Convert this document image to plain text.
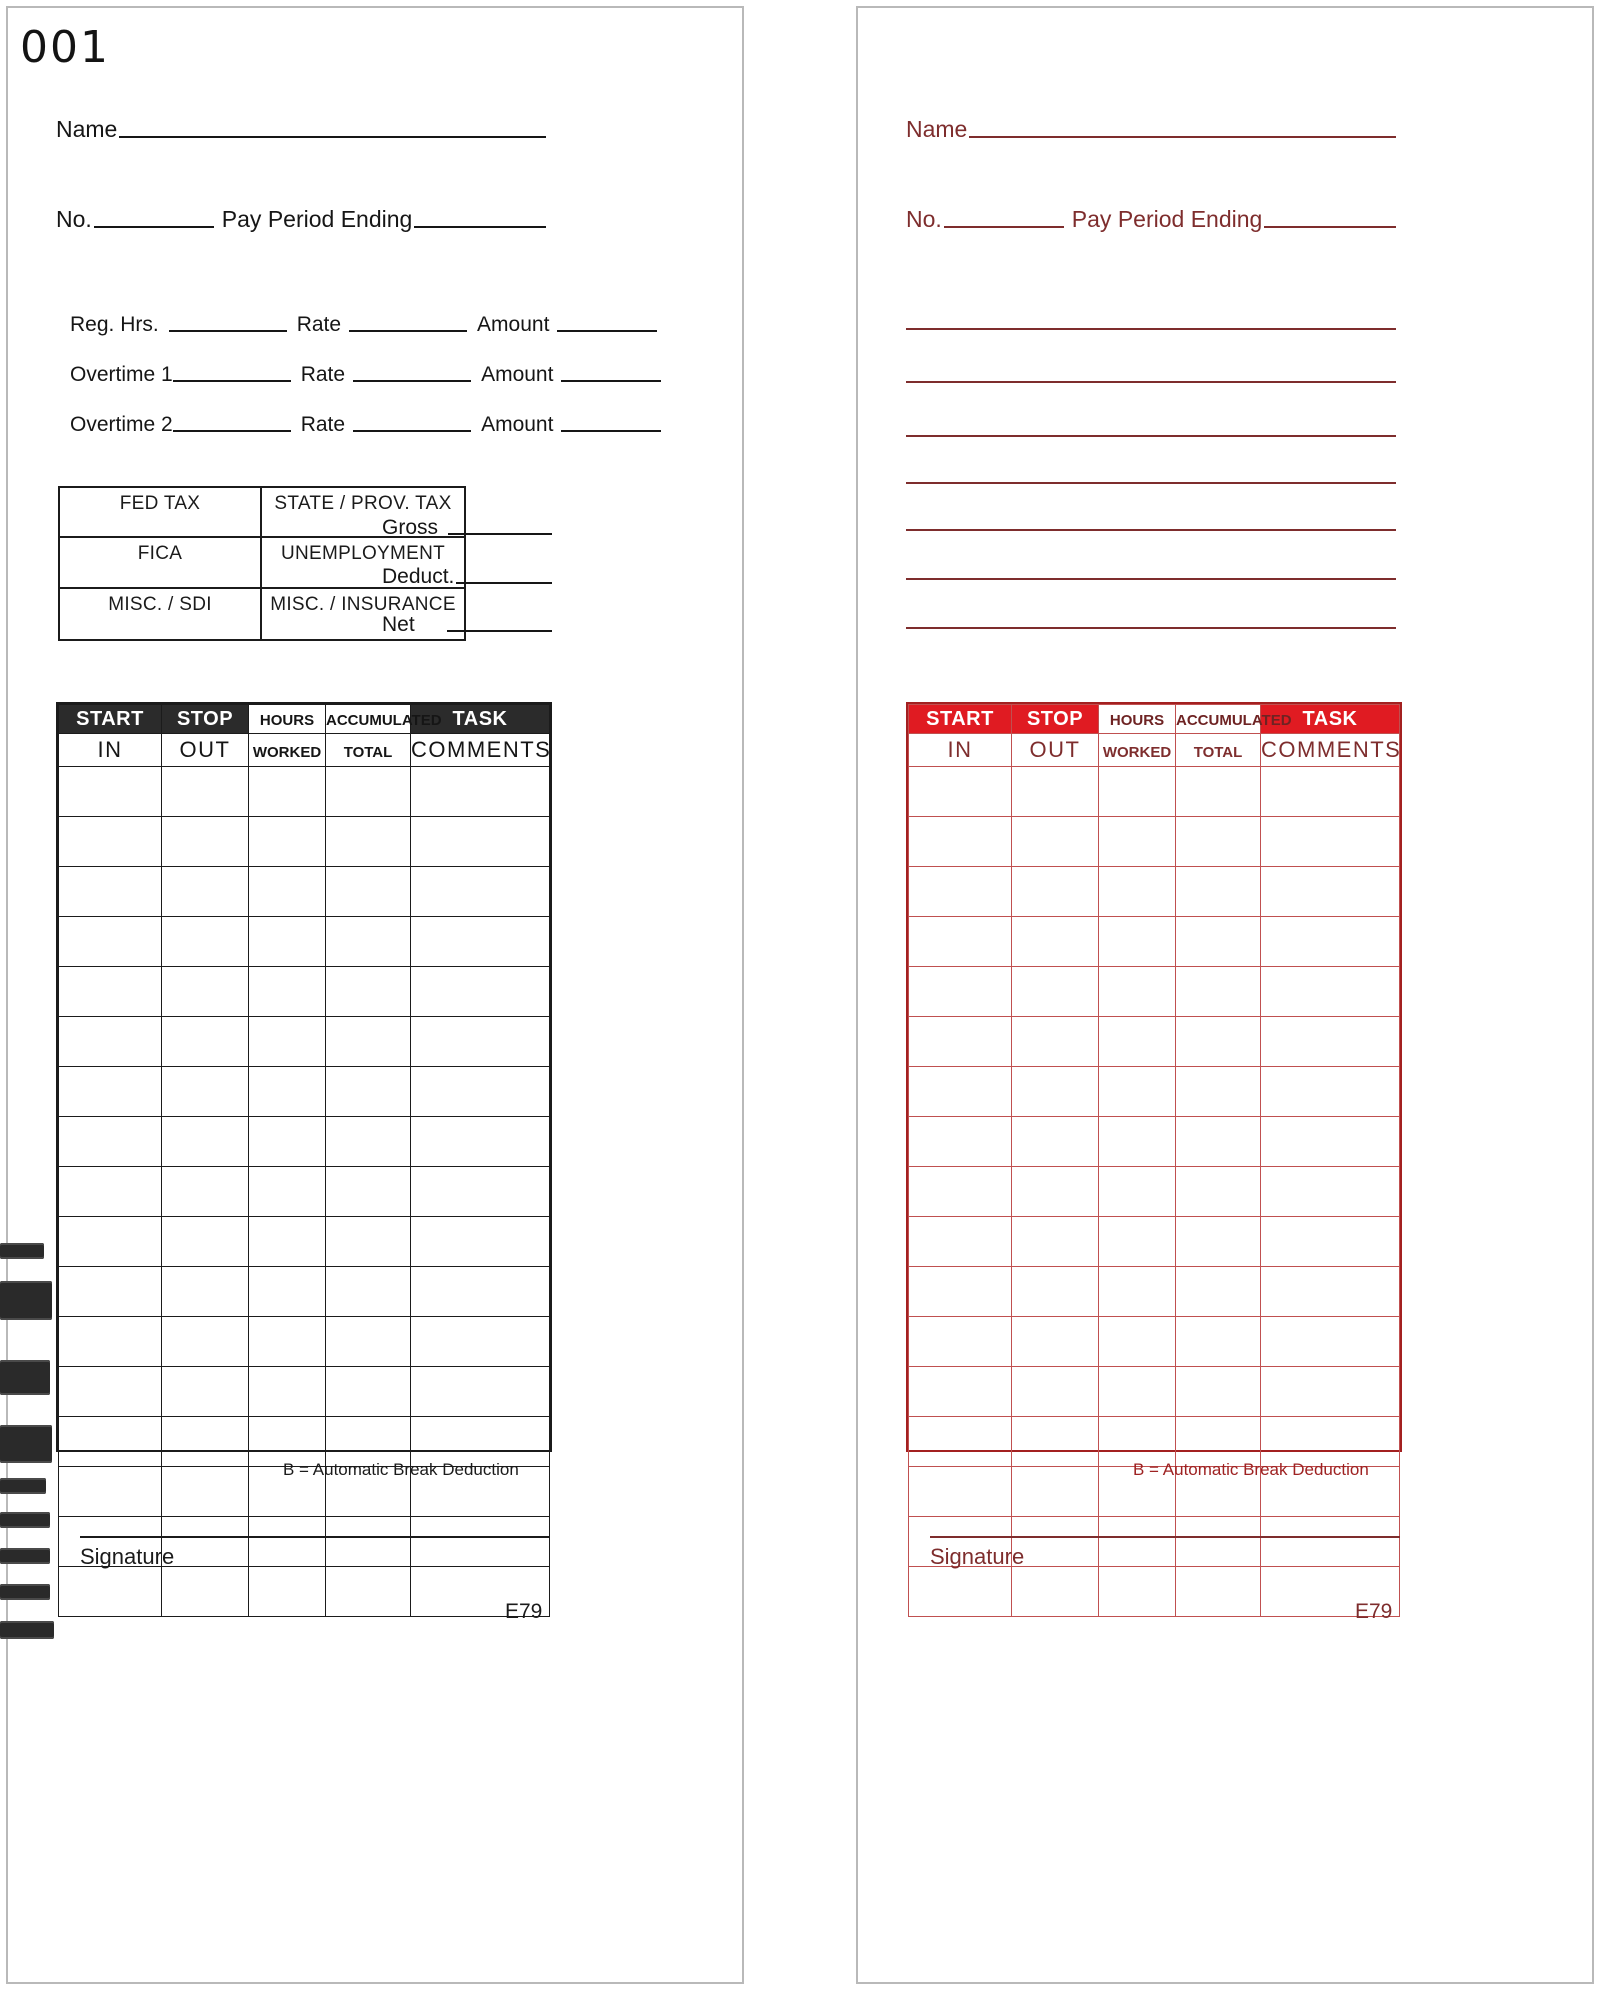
001
Name
No.	Pay Period Ending
Reg. Hrs.	Rate	Amount
Overtime 1	Rate	Amount
Overtime 2	Rate	Amount
FED TAX	STATE / PROV. TAX
FICA	UNEMPLOYMENT
MISC. / SDI	MISC. / INSURANCE
Gross
Deduct.
Net
START	STOP	HOURS	ACCUMULATED	TASK
IN	OUT	WORKED	TOTAL	COMMENTS

B = Automatic Break Deduction
Signature
E79
Name
No.	Pay Period Ending
START	STOP	HOURS	ACCUMULATED	TASK
IN	OUT	WORKED	TOTAL	COMMENTS

B = Automatic Break Deduction
Signature
E79
